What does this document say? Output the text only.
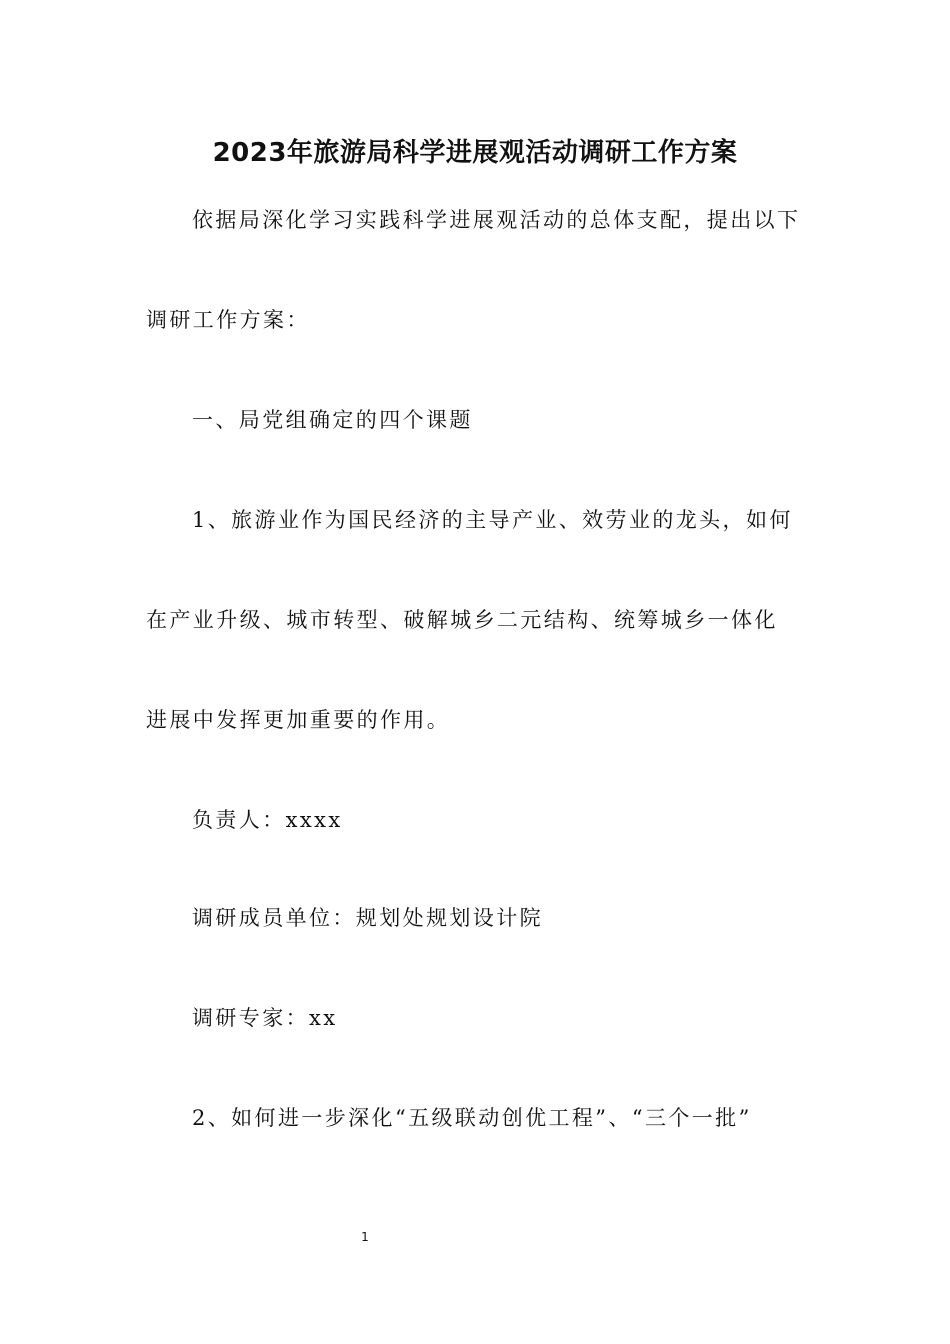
2023年旅游局科学进展观活动调研工作方案
依据局深化学习实践科学进展观活动的总体支配，提出以下
调研工作方案：
一、局党组确定的四个课题
1、旅游业作为国民经济的主导产业、效劳业的龙头，如何
在产业升级、城市转型、破解城乡二元结构、统筹城乡一体化
进展中发挥更加重要的作用。
负责人：xxxx
调研成员单位：规划处规划设计院
调研专家：xx
2、如何进一步深化“五级联动创优工程”、“三个一批”
1
